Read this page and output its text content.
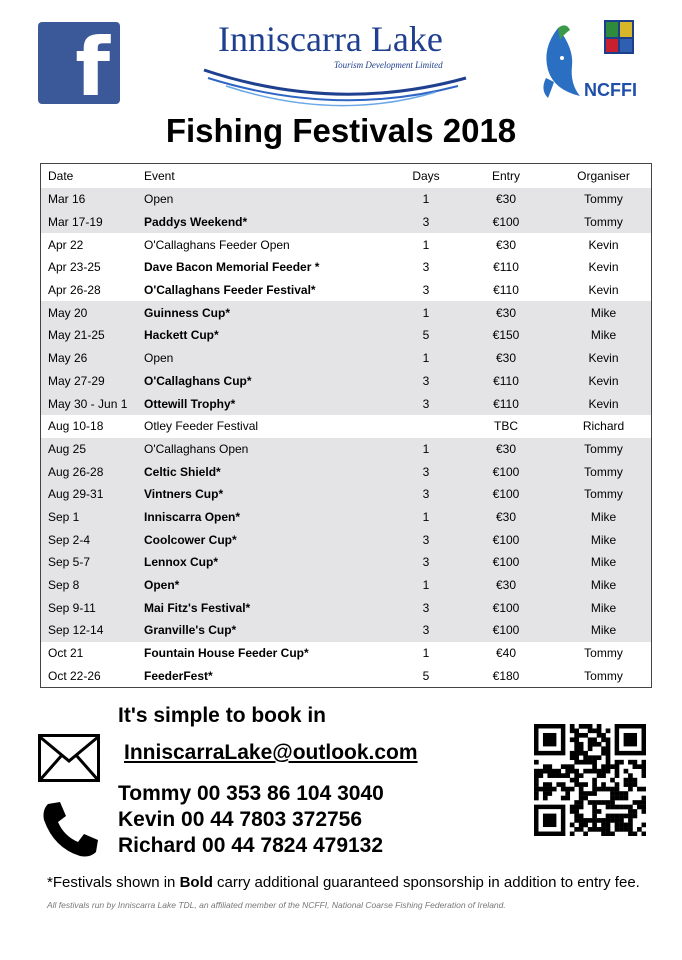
f	Inniscarra Lake
Tourism Development Limited
NCFFI
Fishing Festivals 2018
Date	Event	Days	Entry	Organiser
Mar 16	Open	1	€30	Tommy
Mar 17-19	Paddys Weekend*	3	€100	Tommy
Apr 22	O'Callaghans Feeder Open	1	€30	Kevin
Apr 23-25	Dave Bacon Memorial Feeder *	3	€110	Kevin
Apr 26-28	O'Callaghans Feeder Festival*	3	€110	Kevin
May 20	Guinness Cup*	1	€30	Mike
May 21-25	Hackett Cup*	5	€150	Mike
May 26	Open	1	€30	Kevin
May 27-29	O'Callaghans Cup*	3	€110	Kevin
May 30 - Jun 1	Ottewill Trophy*	3	€110	Kevin
Aug 10-18	Otley Feeder Festival		TBC	Richard
Aug 25	O'Callaghans Open	1	€30	Tommy
Aug 26-28	Celtic Shield*	3	€100	Tommy
Aug 29-31	Vintners Cup*	3	€100	Tommy
Sep 1	Inniscarra Open*	1	€30	Mike
Sep 2-4	Coolcower Cup*	3	€100	Mike
Sep 5-7	Lennox Cup*	3	€100	Mike
Sep 8	Open*	1	€30	Mike
Sep 9-11	Mai Fitz's Festival*	3	€100	Mike
Sep 12-14	Granville's Cup*	3	€100	Mike
Oct 21	Fountain House Feeder Cup*	1	€40	Tommy
Oct 22-26	FeederFest*	5	€180	Tommy
It's simple to book in
InniscarraLake@outlook.com
Tommy 00 353 86 104 3040
Kevin 00 44 7803 372756
Richard 00 44 7824 479132
*Festivals shown in Bold carry additional guaranteed sponsorship in addition to entry fee.
All festivals run by Inniscarra Lake TDL, an affiliated member of the NCFFI, National Coarse Fishing Federation of Ireland.
